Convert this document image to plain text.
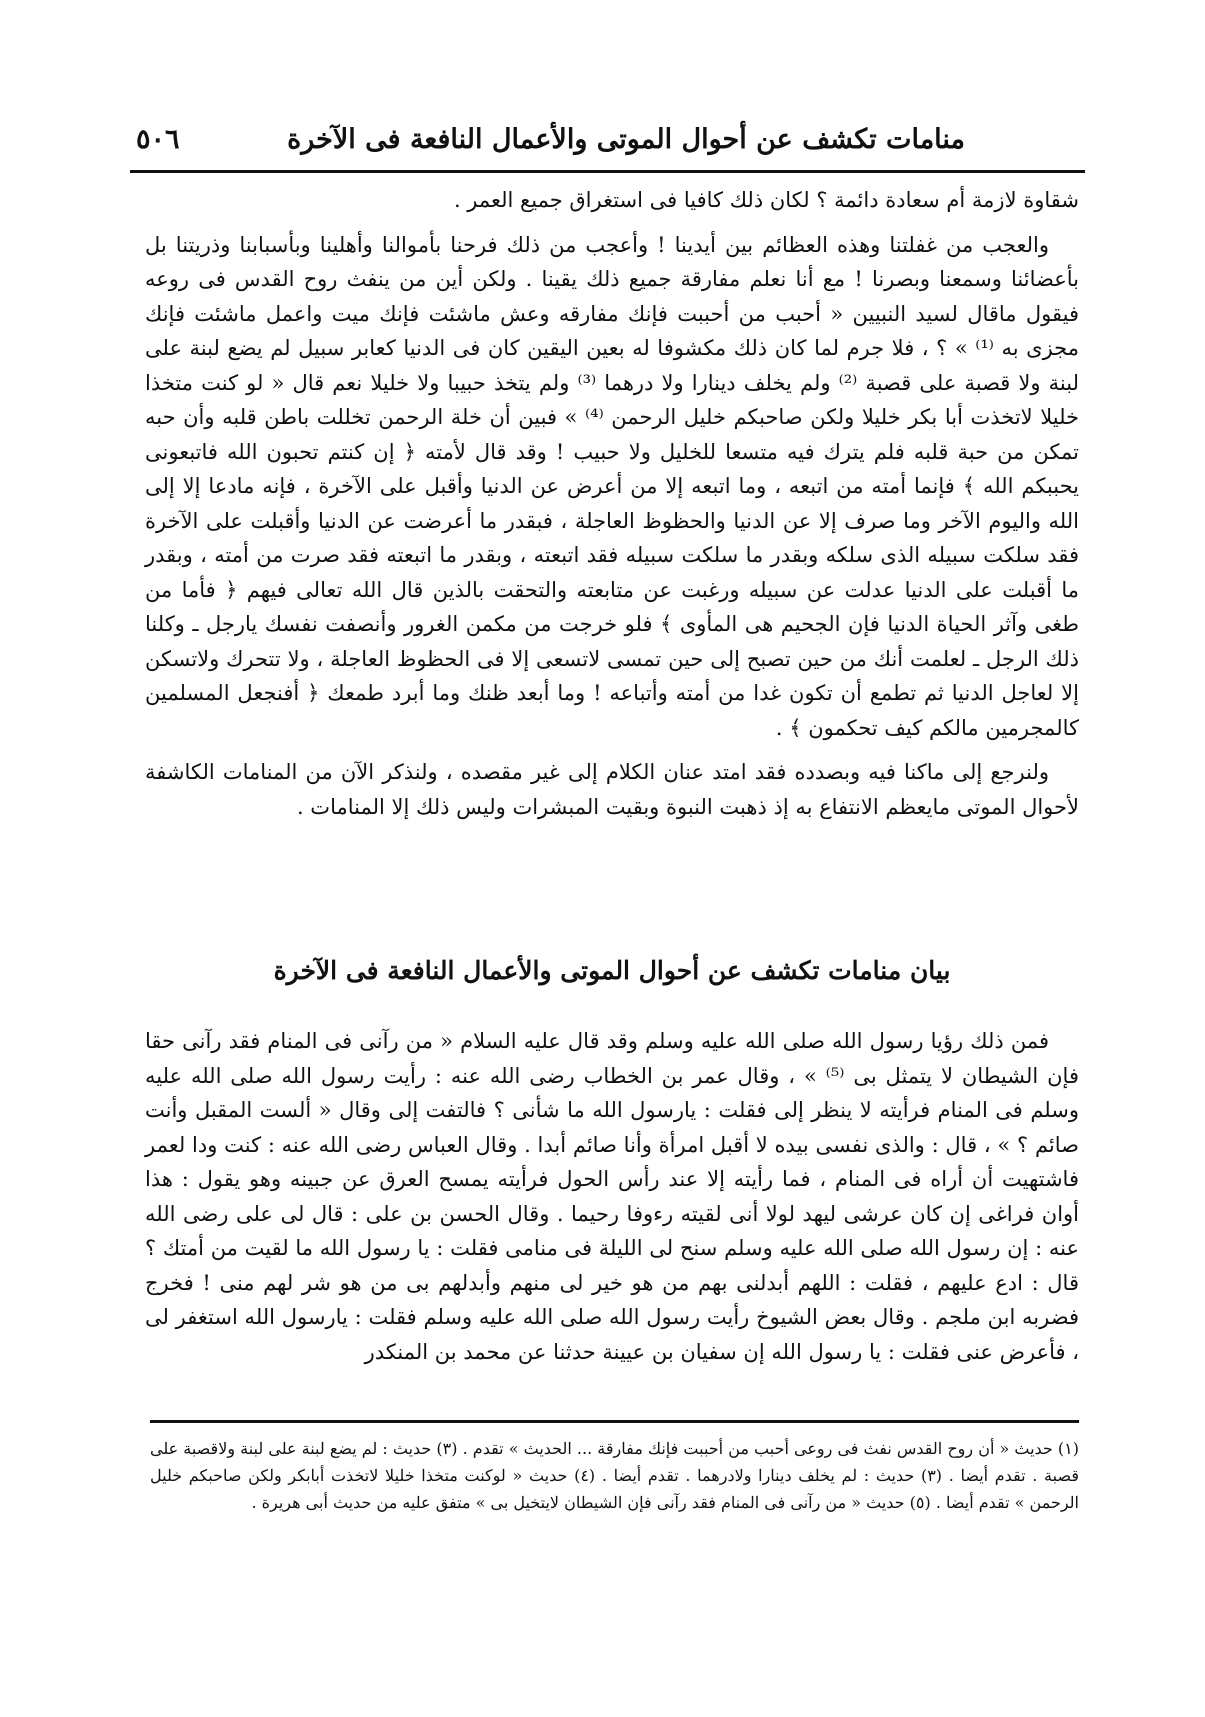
منامات تكشف عن أحوال الموتى والأعمال النافعة فى الآخرة
٥٠٦

شقاوة لازمة أم سعادة دائمة ؟ لكان ذلك كافيا فى استغراق جميع العمر .

والعجب من غفلتنا وهذه العظائم بين أيدينا ! وأعجب من ذلك فرحنا بأموالنا وأهلينا وبأسبابنا وذريتنا بل بأعضائنا وسمعنا وبصرنا ! مع أنا نعلم مفارقة جميع ذلك يقينا . ولكن أين من ينفث روح القدس فى روعه فيقول ماقال لسيد النبيين « أحبب من أحببت فإنك مفارقه وعش ماشئت فإنك ميت واعمل ماشئت فإنك مجزى به ⁽¹⁾ » ؟ ، فلا جرم لما كان ذلك مكشوفا له بعين اليقين كان فى الدنيا كعابر سبيل لم يضع لبنة على لبنة ولا قصبة على قصبة ⁽²⁾ ولم يخلف دينارا ولا درهما ⁽³⁾ ولم يتخذ حبيبا ولا خليلا نعم قال « لو كنت متخذا خليلا لاتخذت أبا بكر خليلا ولكن صاحبكم خليل الرحمن ⁽⁴⁾ » فبين أن خلة الرحمن تخللت باطن قلبه وأن حبه تمكن من حبة قلبه فلم يترك فيه متسعا للخليل ولا حبيب ! وقد قال لأمته ﴿ إن كنتم تحبون الله فاتبعونى يحببكم الله ﴾ فإنما أمته من اتبعه ، وما اتبعه إلا من أعرض عن الدنيا وأقبل على الآخرة ، فإنه مادعا إلا إلى الله واليوم الآخر وما صرف إلا عن الدنيا والحظوظ العاجلة ، فبقدر ما أعرضت عن الدنيا وأقبلت على الآخرة فقد سلكت سبيله الذى سلكه وبقدر ما سلكت سبيله فقد اتبعته ، وبقدر ما اتبعته فقد صرت من أمته ، وبقدر ما أقبلت على الدنيا عدلت عن سبيله ورغبت عن متابعته والتحقت بالذين قال الله تعالى فيهم ﴿ فأما من طغى وآثر الحياة الدنيا فإن الجحيم هى المأوى ﴾ فلو خرجت من مكمن الغرور وأنصفت نفسك يارجل ـ وكلنا ذلك الرجل ـ لعلمت أنك من حين تصبح إلى حين تمسى لاتسعى إلا فى الحظوظ العاجلة ، ولا تتحرك ولاتسكن إلا لعاجل الدنيا ثم تطمع أن تكون غدا من أمته وأتباعه ! وما أبعد ظنك وما أبرد طمعك ﴿ أفنجعل المسلمين كالمجرمين مالكم كيف تحكمون ﴾ .

ولنرجع إلى ماكنا فيه وبصدده فقد امتد عنان الكلام إلى غير مقصده ، ولنذكر الآن من المنامات الكاشفة لأحوال الموتى مايعظم الانتفاع به إذ ذهبت النبوة وبقيت المبشرات وليس ذلك إلا المنامات .

بيان منامات تكشف عن أحوال الموتى والأعمال النافعة فى الآخرة

فمن ذلك رؤيا رسول الله صلى الله عليه وسلم وقد قال عليه السلام « من رآنى فى المنام فقد رآنى حقا فإن الشيطان لا يتمثل بى ⁽⁵⁾ » ، وقال عمر بن الخطاب رضى الله عنه : رأيت رسول الله صلى الله عليه وسلم فى المنام فرأيته لا ينظر إلى فقلت : يارسول الله ما شأنى ؟ فالتفت إلى وقال « ألست المقبل وأنت صائم ؟ » ، قال : والذى نفسى بيده لا أقبل امرأة وأنا صائم أبدا . وقال العباس رضى الله عنه : كنت ودا لعمر فاشتهيت أن أراه فى المنام ، فما رأيته إلا عند رأس الحول فرأيته يمسح العرق عن جبينه وهو يقول : هذا أوان فراغى إن كان عرشى ليهد لولا أنى لقيته رءوفا رحيما . وقال الحسن بن على : قال لى على رضى الله عنه : إن رسول الله صلى الله عليه وسلم سنح لى الليلة فى منامى فقلت : يا رسول الله ما لقيت من أمتك ؟ قال : ادع عليهم ، فقلت : اللهم أبدلنى بهم من هو خير لى منهم وأبدلهم بى من هو شر لهم منى ! فخرج فضربه ابن ملجم . وقال بعض الشيوخ رأيت رسول الله صلى الله عليه وسلم فقلت : يارسول الله استغفر لى ، فأعرض عنى فقلت : يا رسول الله إن سفيان بن عيينة حدثنا عن محمد بن المنكدر

(١) حديث « أن روح القدس نفث فى روعى أحبب من أحببت فإنك مفارقة ... الحديث » تقدم . (٣) حديث : لم يضع لبنة على لبنة ولاقصبة على قصبة . تقدم أيضا . (٣) حديث : لم يخلف دينارا ولادرهما . تقدم أيضا . (٤) حديث « لوكنت متخذا خليلا لاتخذت أبابكر ولكن صاحبكم خليل الرحمن » تقدم أيضا . (٥) حديث « من رآنى فى المنام فقد رآنى فإن الشيطان لايتخيل بى » متفق عليه من حديث أبى هريرة .
